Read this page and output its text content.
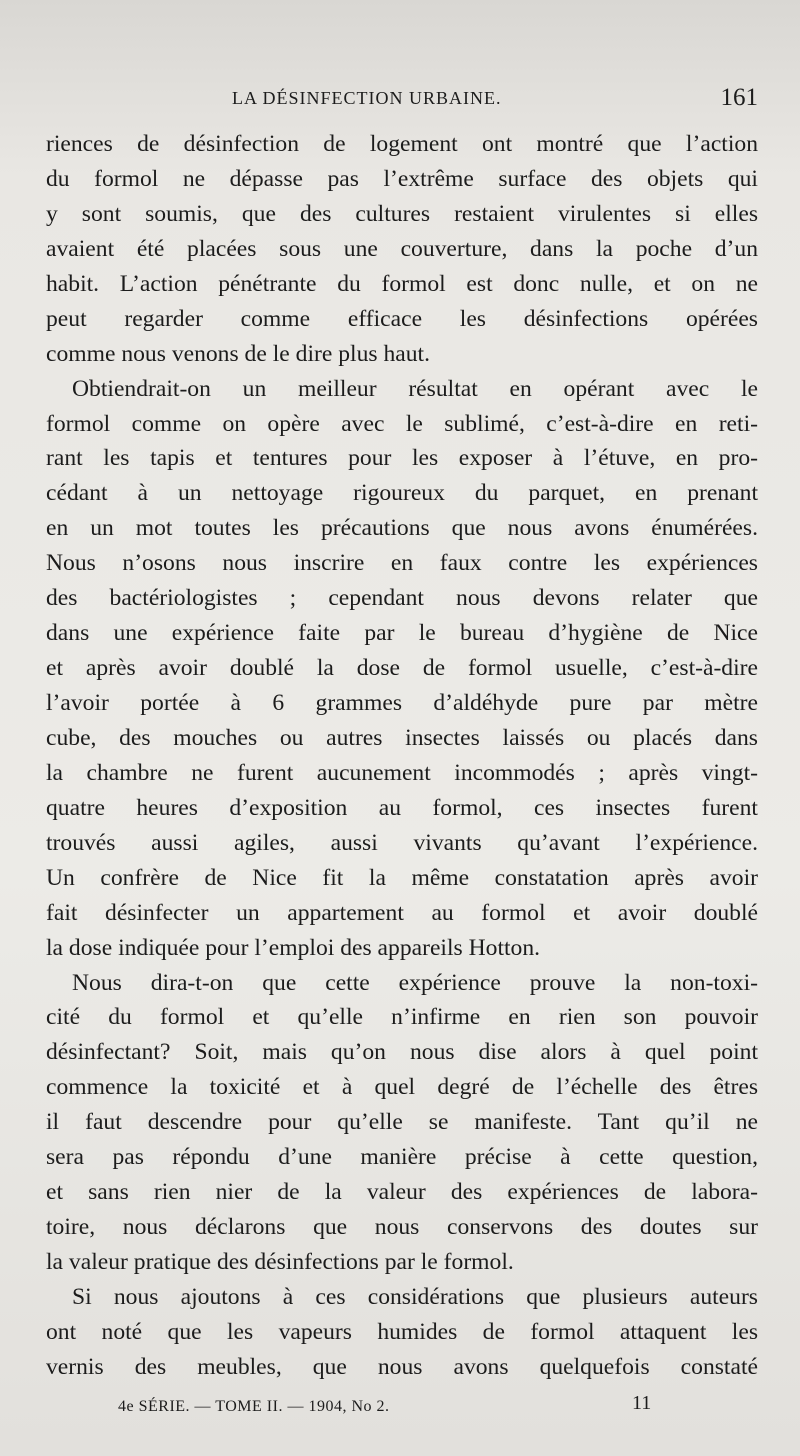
LA DÉSINFECTION URBAINE.	161
riences de désinfection de logement ont montré que l’action
du formol ne dépasse pas l’extrême surface des objets qui
y sont soumis, que des cultures restaient virulentes si elles
avaient été placées sous une couverture, dans la poche d’un
habit. L’action pénétrante du formol est donc nulle, et on ne
peut regarder comme efficace les désinfections opérées
comme nous venons de le dire plus haut.
Obtiendrait-on un meilleur résultat en opérant avec le
formol comme on opère avec le sublimé, c’est-à-dire en reti-
rant les tapis et tentures pour les exposer à l’étuve, en pro-
cédant à un nettoyage rigoureux du parquet, en prenant
en un mot toutes les précautions que nous avons énumérées.
Nous n’osons nous inscrire en faux contre les expériences
des bactériologistes ; cependant nous devons relater que
dans une expérience faite par le bureau d’hygiène de Nice
et après avoir doublé la dose de formol usuelle, c’est-à-dire
l’avoir portée à 6 grammes d’aldéhyde pure par mètre
cube, des mouches ou autres insectes laissés ou placés dans
la chambre ne furent aucunement incommodés ; après vingt-
quatre heures d’exposition au formol, ces insectes furent
trouvés aussi agiles, aussi vivants qu’avant l’expérience.
Un confrère de Nice fit la même constatation après avoir
fait désinfecter un appartement au formol et avoir doublé
la dose indiquée pour l’emploi des appareils Hotton.
Nous dira-t-on que cette expérience prouve la non-toxi-
cité du formol et qu’elle n’infirme en rien son pouvoir
désinfectant? Soit, mais qu’on nous dise alors à quel point
commence la toxicité et à quel degré de l’échelle des êtres
il faut descendre pour qu’elle se manifeste. Tant qu’il ne
sera pas répondu d’une manière précise à cette question,
et sans rien nier de la valeur des expériences de labora-
toire, nous déclarons que nous conservons des doutes sur
la valeur pratique des désinfections par le formol.
Si nous ajoutons à ces considérations que plusieurs auteurs
ont noté que les vapeurs humides de formol attaquent les
vernis des meubles, que nous avons quelquefois constaté
4e SÉRIE. — TOME II. — 1904, No 2.	11
